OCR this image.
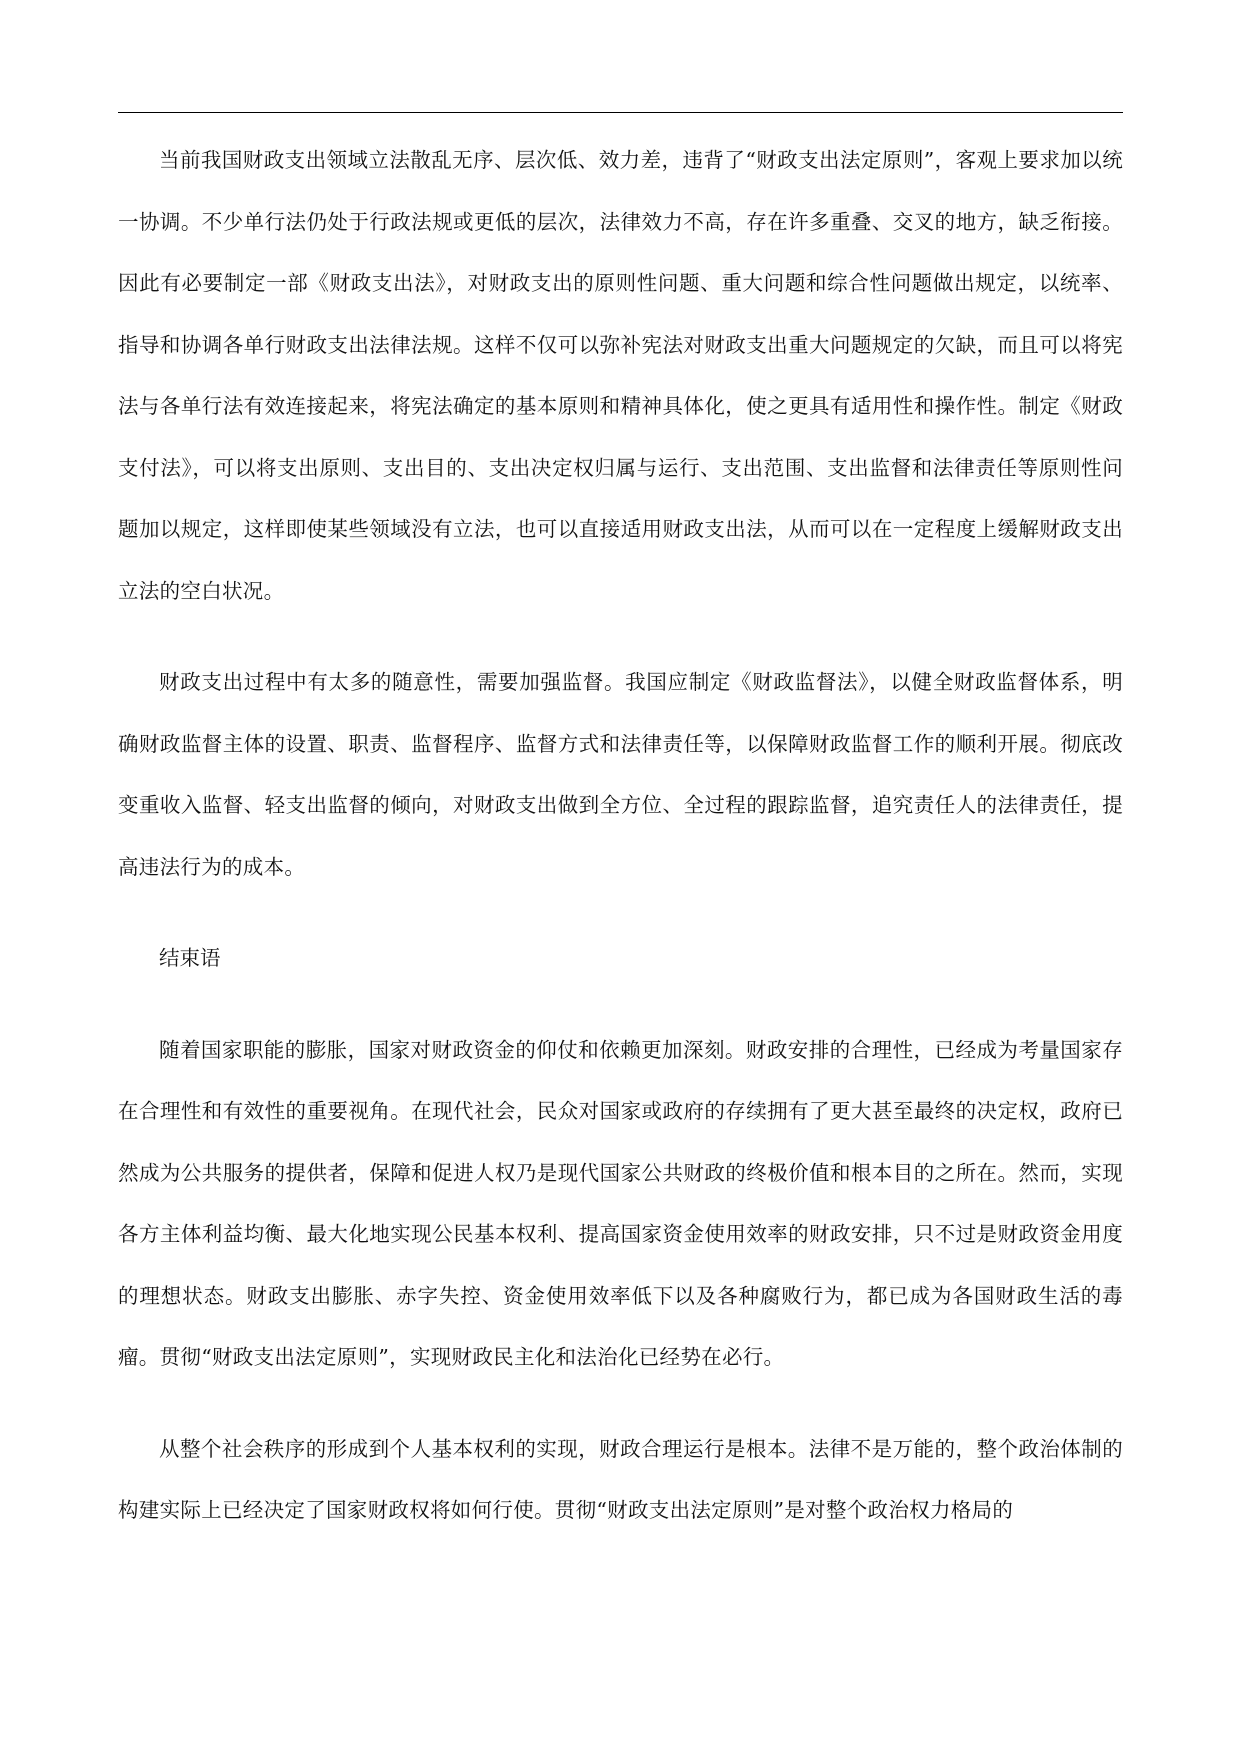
当前我国财政支出领域立法散乱无序、层次低、效力差，违背了“财政支出法定原则”，客观上要求加以统一协调。不少单行法仍处于行政法规或更低的层次，法律效力不高，存在许多重叠、交叉的地方，缺乏衔接。因此有必要制定一部《财政支出法》，对财政支出的原则性问题、重大问题和综合性问题做出规定，以统率、指导和协调各单行财政支出法律法规。这样不仅可以弥补宪法对财政支出重大问题规定的欠缺，而且可以将宪法与各单行法有效连接起来，将宪法确定的基本原则和精神具体化，使之更具有适用性和操作性。制定《财政支付法》，可以将支出原则、支出目的、支出决定权归属与运行、支出范围、支出监督和法律责任等原则性问题加以规定，这样即使某些领域没有立法，也可以直接适用财政支出法，从而可以在一定程度上缓解财政支出立法的空白状况。

财政支出过程中有太多的随意性，需要加强监督。我国应制定《财政监督法》，以健全财政监督体系，明确财政监督主体的设置、职责、监督程序、监督方式和法律责任等，以保障财政监督工作的顺利开展。彻底改变重收入监督、轻支出监督的倾向，对财政支出做到全方位、全过程的跟踪监督，追究责任人的法律责任，提高违法行为的成本。

结束语

随着国家职能的膨胀，国家对财政资金的仰仗和依赖更加深刻。财政安排的合理性，已经成为考量国家存在合理性和有效性的重要视角。在现代社会，民众对国家或政府的存续拥有了更大甚至最终的决定权，政府已然成为公共服务的提供者，保障和促进人权乃是现代国家公共财政的终极价值和根本目的之所在。然而，实现各方主体利益均衡、最大化地实现公民基本权利、提高国家资金使用效率的财政安排，只不过是财政资金用度的理想状态。财政支出膨胀、赤字失控、资金使用效率低下以及各种腐败行为，都已成为各国财政生活的毒瘤。贯彻“财政支出法定原则”，实现财政民主化和法治化已经势在必行。

从整个社会秩序的形成到个人基本权利的实现，财政合理运行是根本。法律不是万能的，整个政治体制的构建实际上已经决定了国家财政权将如何行使。贯彻“财政支出法定原则”是对整个政治权力格局的
